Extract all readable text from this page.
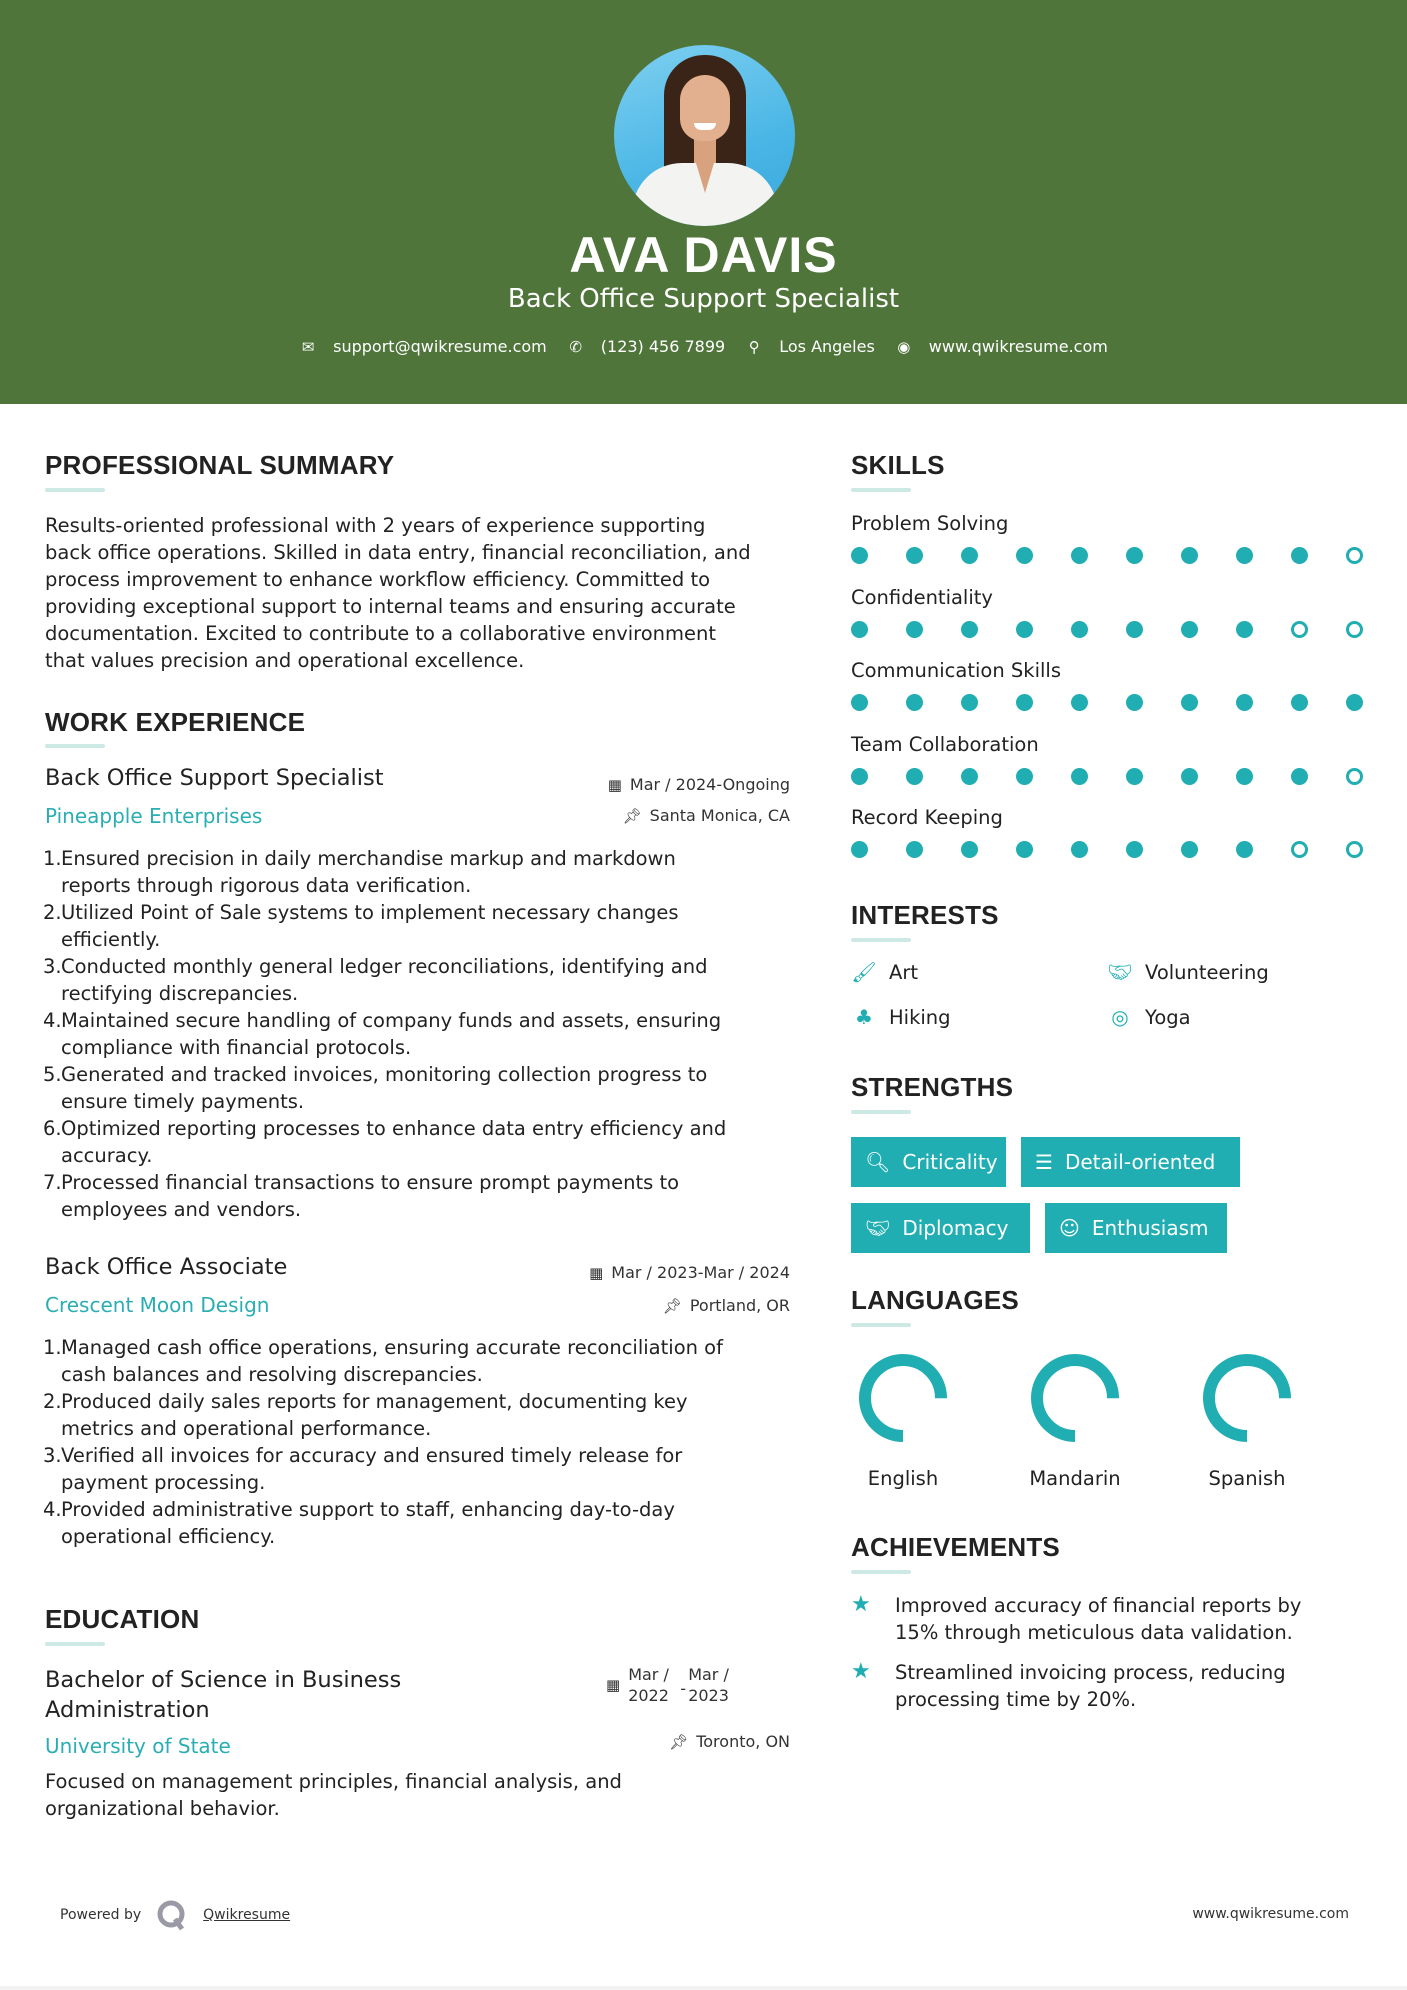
AVA DAVIS
Back Office Support Specialist
✉ support@qwikresume.com ✆ (123) 456 7899 ⚲ Los Angeles ◉ www.qwikresume.com
PROFESSIONAL SUMMARY
Results-oriented professional with 2 years of experience supporting
back office operations. Skilled in data entry, financial reconciliation, and
process improvement to enhance workflow efficiency. Committed to
providing exceptional support to internal teams and ensuring accurate
documentation. Excited to contribute to a collaborative environment
that values precision and operational excellence.
WORK EXPERIENCE
Back Office Support Specialist	▦ Mar / 2024-Ongoing
Pineapple Enterprises	📌︎ Santa Monica, CA
1. Ensured precision in daily merchandise markup and markdown
reports through rigorous data verification.
2. Utilized Point of Sale systems to implement necessary changes
efficiently.
3. Conducted monthly general ledger reconciliations, identifying and
rectifying discrepancies.
4. Maintained secure handling of company funds and assets, ensuring
compliance with financial protocols.
5. Generated and tracked invoices, monitoring collection progress to
ensure timely payments.
6. Optimized reporting processes to enhance data entry efficiency and
accuracy.
7. Processed financial transactions to ensure prompt payments to
employees and vendors.
Back Office Associate	▦ Mar / 2023-Mar / 2024
Crescent Moon Design	📌︎ Portland, OR
1. Managed cash office operations, ensuring accurate reconciliation of
cash balances and resolving discrepancies.
2. Produced daily sales reports for management, documenting key
metrics and operational performance.
3. Verified all invoices for accuracy and ensured timely release for
payment processing.
4. Provided administrative support to staff, enhancing day-to-day
operational efficiency.
EDUCATION
Bachelor of Science in Business
Administration
▦
Mar /
2022 -
Mar /
2023
University of State	📌︎ Toronto, ON
Focused on management principles, financial analysis, and
organizational behavior.
SKILLS
Problem Solving
Confidentiality
Communication Skills
Team Collaboration
Record Keeping
INTERESTS
🖌︎ Art	🤝︎ Volunteering
♣ Hiking	◎ Yoga
STRENGTHS
🔍︎ Criticality ☰ Detail-oriented
🤝︎ Diplomacy	☺ Enthusiasm
LANGUAGES
English	Mandarin	Spanish
ACHIEVEMENTS
★	Improved accuracy of financial reports by
15% through meticulous data validation.
★	Streamlined invoicing process, reducing
processing time by 20%.
Powered by	Qwikresume	www.qwikresume.com
